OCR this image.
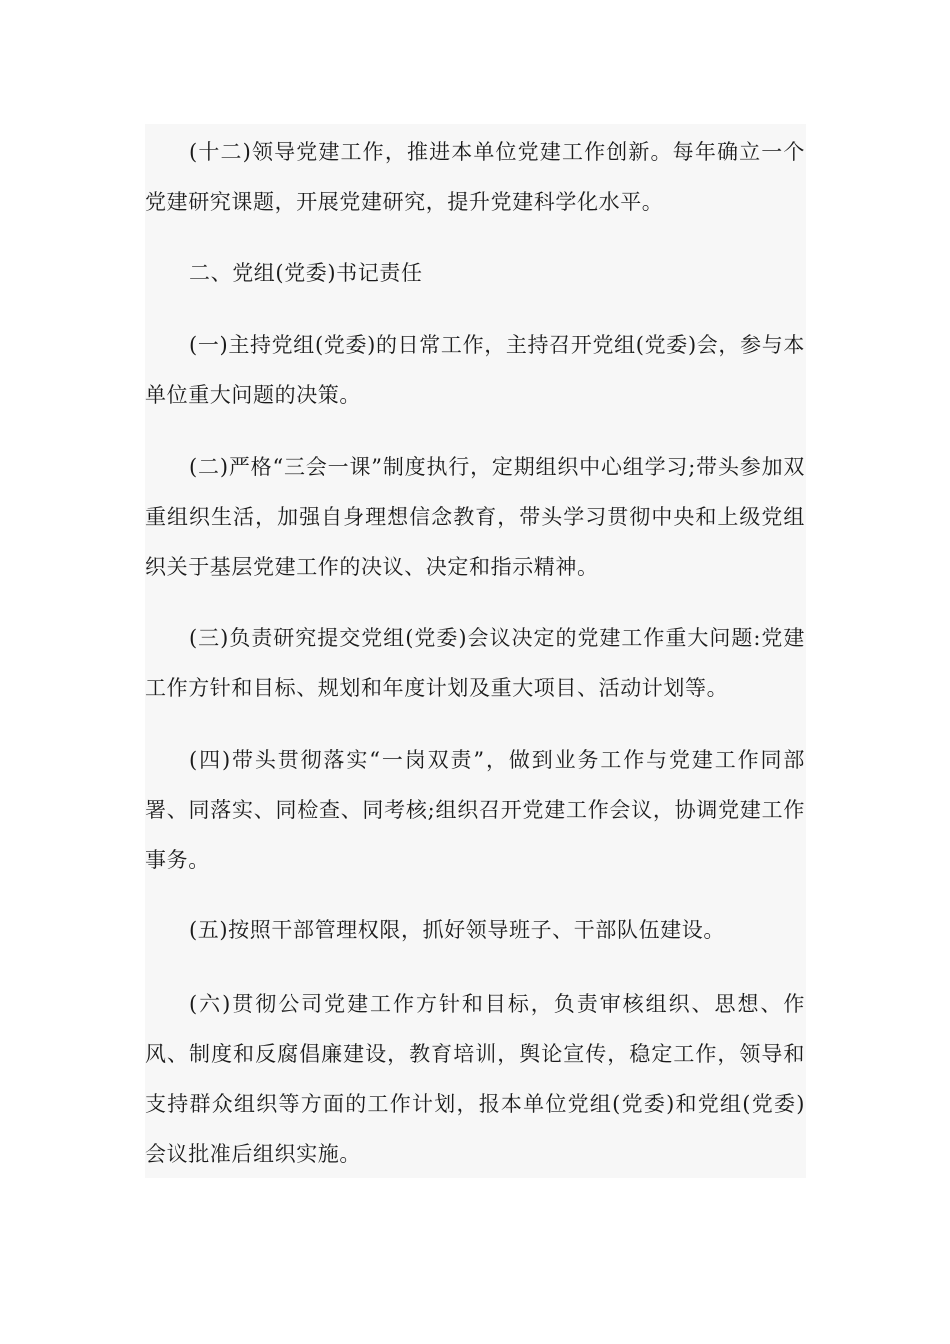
(十二)领导党建工作，推进本单位党建工作创新。每年确立一个党建研究课题，开展党建研究，提升党建科学化水平。

二、党组(党委)书记责任

(一)主持党组(党委)的日常工作，主持召开党组(党委)会，参与本单位重大问题的决策。

(二)严格“三会一课”制度执行，定期组织中心组学习;带头参加双重组织生活，加强自身理想信念教育，带头学习贯彻中央和上级党组织关于基层党建工作的决议、决定和指示精神。

(三)负责研究提交党组(党委)会议决定的党建工作重大问题:党建工作方针和目标、规划和年度计划及重大项目、活动计划等。

(四)带头贯彻落实“一岗双责”，做到业务工作与党建工作同部署、同落实、同检查、同考核;组织召开党建工作会议，协调党建工作事务。

(五)按照干部管理权限，抓好领导班子、干部队伍建设。

(六)贯彻公司党建工作方针和目标，负责审核组织、思想、作风、制度和反腐倡廉建设，教育培训，舆论宣传，稳定工作，领导和支持群众组织等方面的工作计划，报本单位党组(党委)和党组(党委)会议批准后组织实施。
